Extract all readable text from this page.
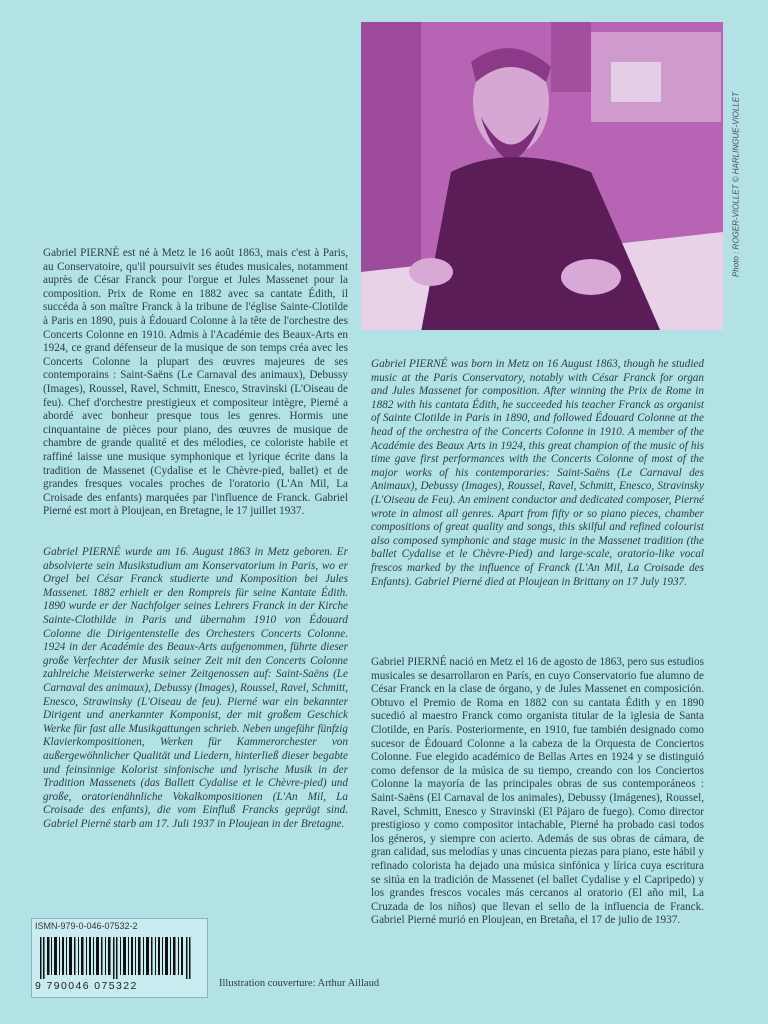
Photo : ROGER-VIOLLET © HARLINGUE-VIOLLET
Gabriel PIERNÉ est né à Metz le 16 août 1863, mais c'est à Paris, au Conservatoire, qu'il poursuivit ses études musicales, notamment auprès de César Franck pour l'orgue et Jules Massenet pour la composition. Prix de Rome en 1882 avec sa cantate Édith, il succéda à son maître Franck à la tribune de l'église Sainte-Clotilde à Paris en 1890, puis à Édouard Colonne à la tête de l'orchestre des Concerts Colonne en 1910. Admis à l'Académie des Beaux-Arts en 1924, ce grand défenseur de la musique de son temps créa avec les Concerts Colonne la plupart des œuvres majeures de ses contemporains : Saint-Saëns (Le Carnaval des animaux), Debussy (Images), Roussel, Ravel, Schmitt, Enesco, Stravinski (L'Oiseau de feu). Chef d'orchestre prestigieux et compositeur intègre, Pierné a abordé avec bonheur presque tous les genres. Hormis une cinquantaine de pièces pour piano, des œuvres de musique de chambre de grande qualité et des mélodies, ce coloriste habile et raffiné laisse une musique symphonique et lyrique écrite dans la tradition de Massenet (Cydalise et le Chèvre-pied, ballet) et de grandes fresques vocales proches de l'oratorio (L'An Mil, La Croisade des enfants) marquées par l'influence de Franck. Gabriel Pierné est mort à Ploujean, en Bretagne, le 17 juillet 1937.
Gabriel PIERNÉ wurde am 16. August 1863 in Metz geboren. Er absolvierte sein Musikstudium am Konservatorium in Paris, wo er Orgel bei César Franck studierte und Komposition bei Jules Massenet. 1882 erhielt er den Rompreis für seine Kantate Édith. 1890 wurde er der Nachfolger seines Lehrers Franck in der Kirche Sainte-Clothilde in Paris und übernahm 1910 von Édouard Colonne die Dirigentenstelle des Orchesters Concerts Colonne. 1924 in der Académie des Beaux-Arts aufgenommen, führte dieser große Verfechter der Musik seiner Zeit mit den Concerts Colonne zahlreiche Meisterwerke seiner Zeitgenossen auf: Saint-Saëns (Le Carnaval des animaux), Debussy (Images), Roussel, Ravel, Schmitt, Enesco, Strawinsky (L'Oiseau de feu). Pierné war ein bekannter Dirigent und anerkannter Komponist, der mit großem Geschick Werke für fast alle Musikgattungen schrieb. Neben ungefähr fünfzig Klavierkompositionen, Werken für Kammerorchester von außergewöhnlicher Qualität und Liedern, hinterließ dieser begabte und feinsinnige Kolorist sinfonische und lyrische Musik in der Tradition Massenets (das Ballett Cydalise et le Chèvre-pied) und große, oratorienähnliche Vokalkompositionen (L'An Mil, La Croisade des enfants), die vom Einfluß Francks geprägt sind. Gabriel Pierné starb am 17. Juli 1937 in Ploujean in der Bretagne.
Gabriel PIERNÉ was born in Metz on 16 August 1863, though he studied music at the Paris Conservatory, notably with César Franck for organ and Jules Massenet for composition. After winning the Prix de Rome in 1882 with his cantata Édith, he succeeded his teacher Franck as organist of Sainte Clotilde in Paris in 1890, and followed Édouard Colonne at the head of the orchestra of the Concerts Colonne in 1910. A member of the Académie des Beaux Arts in 1924, this great champion of the music of his time gave first performances with the Concerts Colonne of most of the major works of his contemporaries: Saint-Saëns (Le Carnaval des Animaux), Debussy (Images), Roussel, Ravel, Schmitt, Enesco, Stravinsky (L'Oiseau de Feu). An eminent conductor and dedicated composer, Pierné wrote in almost all genres. Apart from fifty or so piano pieces, chamber compositions of great quality and songs, this skilful and refined colourist also composed symphonic and stage music in the Massenet tradition (the ballet Cydalise et le Chèvre-Pied) and large-scale, oratorio-like vocal frescos marked by the influence of Franck (L'An Mil, La Croisade des Enfants). Gabriel Pierné died at Ploujean in Brittany on 17 July 1937.
Gabriel PIERNÉ nació en Metz el 16 de agosto de 1863, pero sus estudios musicales se desarrollaron en París, en cuyo Conservatorio fue alumno de César Franck en la clase de órgano, y de Jules Massenet en composición. Obtuvo el Premio de Roma en 1882 con su cantata Édith y en 1890 sucedió al maestro Franck como organista titular de la iglesia de Santa Clotilde, en París. Posteriormente, en 1910, fue también designado como sucesor de Édouard Colonne a la cabeza de la Orquesta de Conciertos Colonne. Fue elegido académico de Bellas Artes en 1924 y se distinguió como defensor de la música de su tiempo, creando con los Conciertos Colonne la mayoría de las principales obras de sus contemporáneos : Saint-Saëns (El Carnaval de los animales), Debussy (Imágenes), Roussel, Ravel, Schmitt, Enesco y Stravinski (El Pájaro de fuego). Como director prestigioso y como compositor intachable, Pierné ha probado casi todos los géneros, y siempre con acierto. Además de sus obras de cámara, de gran calidad, sus melodías y unas cincuenta piezas para piano, este hábil y refinado colorista ha dejado una música sinfónica y lírica cuya escritura se sitúa en la tradición de Massenet (el ballet Cydalise y el Capripedo) y los grandes frescos vocales más cercanos al oratorio (El año mil, La Cruzada de los niños) que llevan el sello de la influencia de Franck. Gabriel Pierné murió en Ploujean, en Bretaña, el 17 de julio de 1937.
ISMN-979-0-046-07532-2
9 790046 075322	Illustration couverture: Arthur Aillaud
